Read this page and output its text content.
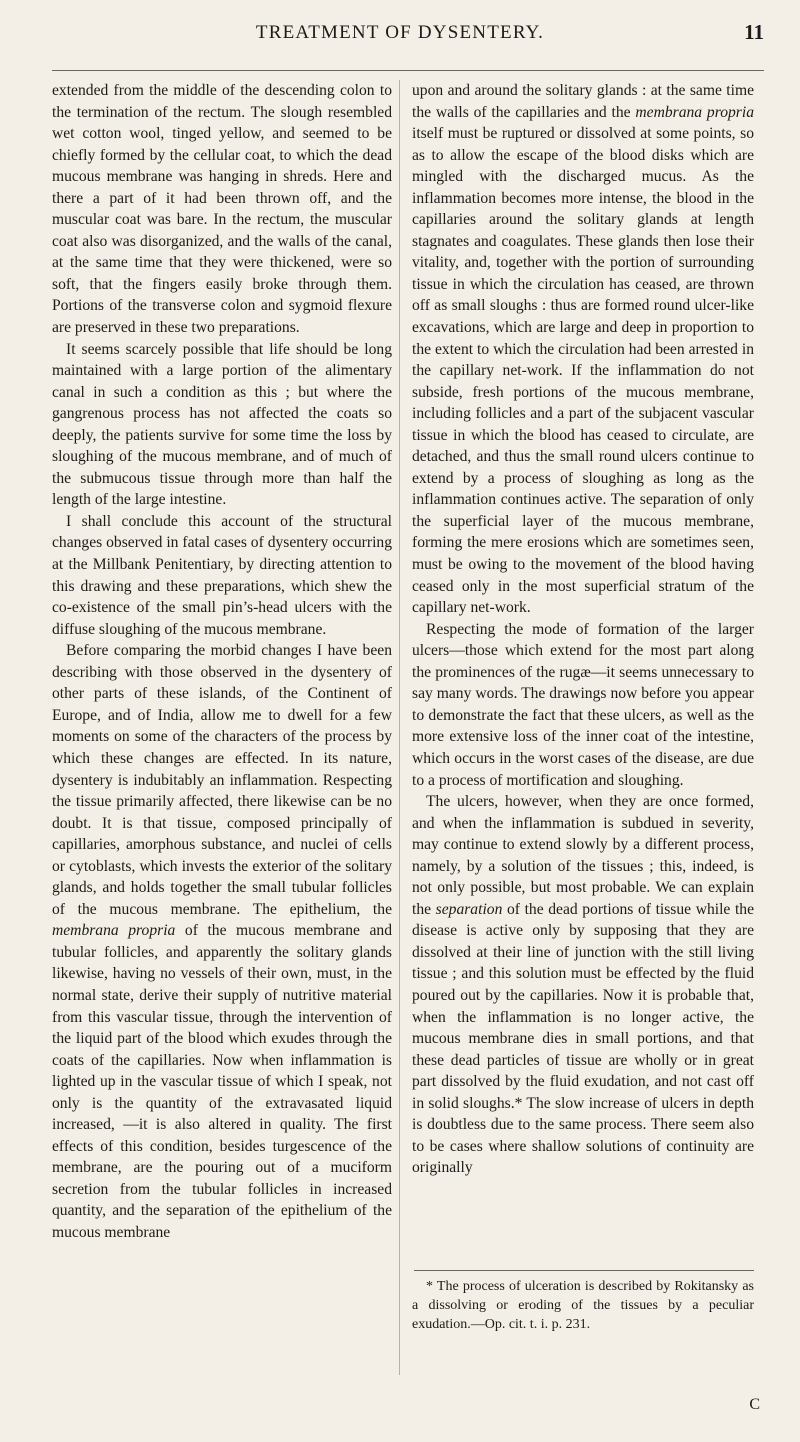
TREATMENT OF DYSENTERY.	11

extended from the middle of the descending colon to the termination of the rectum. The slough resembled wet cotton wool, tinged yellow, and seemed to be chiefly formed by the cellular coat, to which the dead mucous membrane was hanging in shreds. Here and there a part of it had been thrown off, and the muscular coat was bare. In the rectum, the muscular coat also was disorganized, and the walls of the canal, at the same time that they were thickened, were so soft, that the fingers easily broke through them. Portions of the transverse colon and sygmoid flexure are preserved in these two preparations.

It seems scarcely possible that life should be long maintained with a large portion of the alimentary canal in such a condition as this ; but where the gangrenous process has not affected the coats so deeply, the patients survive for some time the loss by sloughing of the mucous membrane, and of much of the submucous tissue through more than half the length of the large intestine.

I shall conclude this account of the structural changes observed in fatal cases of dysentery occurring at the Millbank Penitentiary, by directing attention to this drawing and these preparations, which shew the co-existence of the small pin’s-head ulcers with the diffuse sloughing of the mucous membrane.

Before comparing the morbid changes I have been describing with those observed in the dysentery of other parts of these islands, of the Continent of Europe, and of India, allow me to dwell for a few moments on some of the characters of the process by which these changes are effected. In its nature, dysentery is indubitably an inflammation. Respecting the tissue primarily affected, there likewise can be no doubt. It is that tissue, composed principally of capillaries, amorphous substance, and nuclei of cells or cytoblasts, which invests the exterior of the solitary glands, and holds together the small tubular follicles of the mucous membrane. The epithelium, the membrana propria of the mucous membrane and tubular follicles, and apparently the solitary glands likewise, having no vessels of their own, must, in the normal state, derive their supply of nutritive material from this vascular tissue, through the intervention of the liquid part of the blood which exudes through the coats of the capillaries. Now when inflammation is lighted up in the vascular tissue of which I speak, not only is the quantity of the extravasated liquid increased, —it is also altered in quality. The first effects of this condition, besides turgescence of the membrane, are the pouring out of a muciform secretion from the tubular follicles in increased quantity, and the separation of the epithelium of the mucous membrane

upon and around the solitary glands : at the same time the walls of the capillaries and the membrana propria itself must be ruptured or dissolved at some points, so as to allow the escape of the blood disks which are mingled with the discharged mucus. As the inflammation becomes more intense, the blood in the capillaries around the solitary glands at length stagnates and coagulates. These glands then lose their vitality, and, together with the portion of surrounding tissue in which the circulation has ceased, are thrown off as small sloughs : thus are formed round ulcer-like excavations, which are large and deep in proportion to the extent to which the circulation had been arrested in the capillary net-work. If the inflammation do not subside, fresh portions of the mucous membrane, including follicles and a part of the subjacent vascular tissue in which the blood has ceased to circulate, are detached, and thus the small round ulcers continue to extend by a process of sloughing as long as the inflammation continues active. The separation of only the superficial layer of the mucous membrane, forming the mere erosions which are sometimes seen, must be owing to the movement of the blood having ceased only in the most superficial stratum of the capillary net-work.

Respecting the mode of formation of the larger ulcers—those which extend for the most part along the prominences of the rugæ—it seems unnecessary to say many words. The drawings now before you appear to demonstrate the fact that these ulcers, as well as the more extensive loss of the inner coat of the intestine, which occurs in the worst cases of the disease, are due to a process of mortification and sloughing.

The ulcers, however, when they are once formed, and when the inflammation is subdued in severity, may continue to extend slowly by a different process, namely, by a solution of the tissues ; this, indeed, is not only possible, but most probable. We can explain the separation of the dead portions of tissue while the disease is active only by supposing that they are dissolved at their line of junction with the still living tissue ; and this solution must be effected by the fluid poured out by the capillaries. Now it is probable that, when the inflammation is no longer active, the mucous membrane dies in small portions, and that these dead particles of tissue are wholly or in great part dissolved by the fluid exudation, and not cast off in solid sloughs.* The slow increase of ulcers in depth is doubtless due to the same process. There seem also to be cases where shallow solutions of continuity are originally

* The process of ulceration is described by Rokitansky as a dissolving or eroding of the tissues by a peculiar exudation.—Op. cit. t. i. p. 231.

C
